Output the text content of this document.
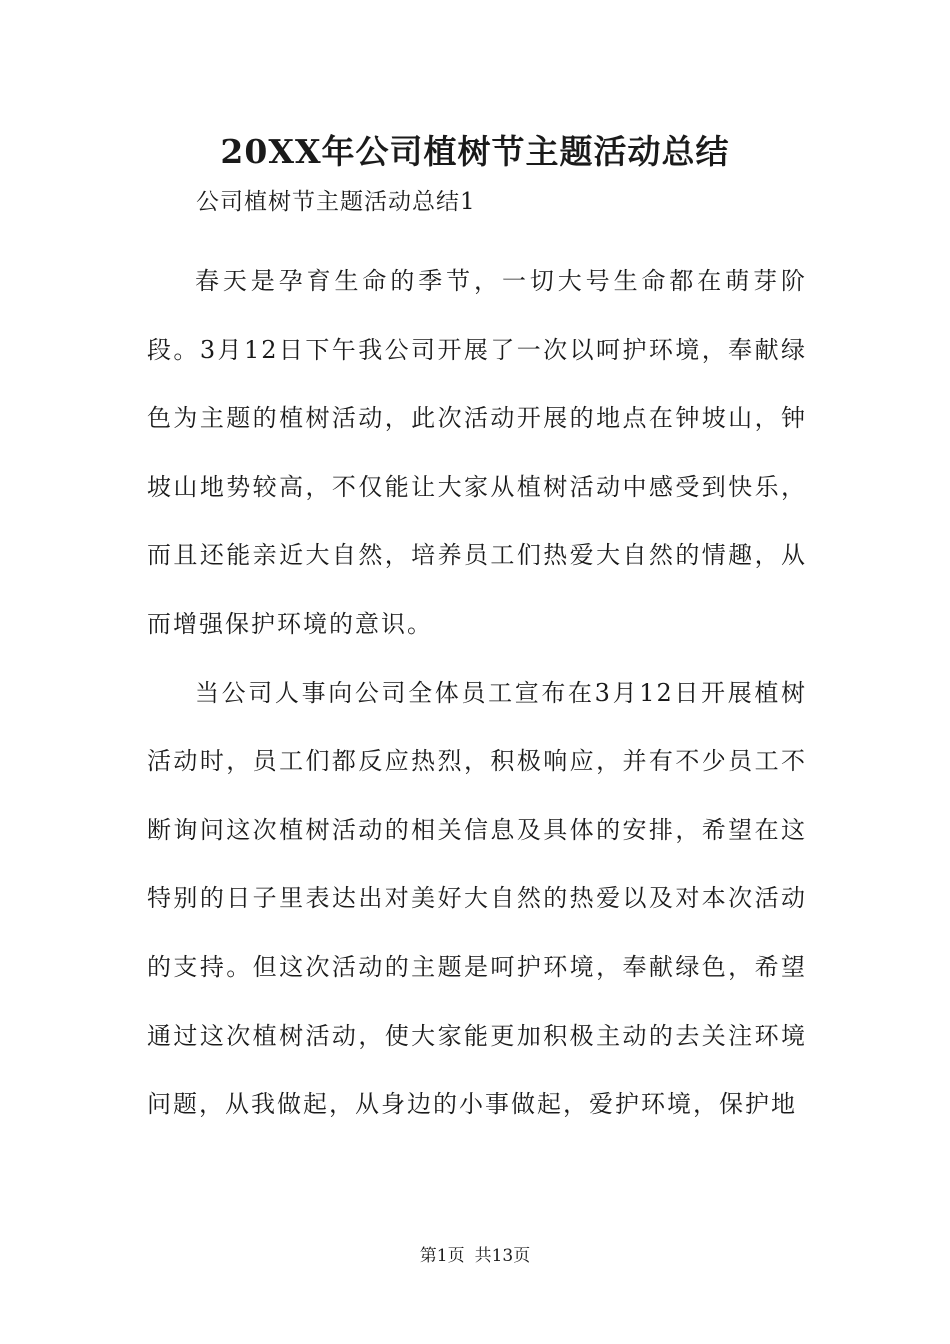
20XX年公司植树节主题活动总结

公司植树节主题活动总结1

春天是孕育生命的季节，一切大号生命都在萌芽阶段。3月12日下午我公司开展了一次以呵护环境，奉献绿色为主题的植树活动，此次活动开展的地点在钟坡山，钟坡山地势较高，不仅能让大家从植树活动中感受到快乐，而且还能亲近大自然，培养员工们热爱大自然的情趣，从而增强保护环境的意识。

当公司人事向公司全体员工宣布在3月12日开展植树活动时，员工们都反应热烈，积极响应，并有不少员工不断询问这次植树活动的相关信息及具体的安排，希望在这特别的日子里表达出对美好大自然的热爱以及对本次活动的支持。但这次活动的主题是呵护环境，奉献绿色，希望通过这次植树活动，使大家能更加积极主动的去关注环境问题，从我做起，从身边的小事做起，爱护环境，保护地

第1页 共13页
